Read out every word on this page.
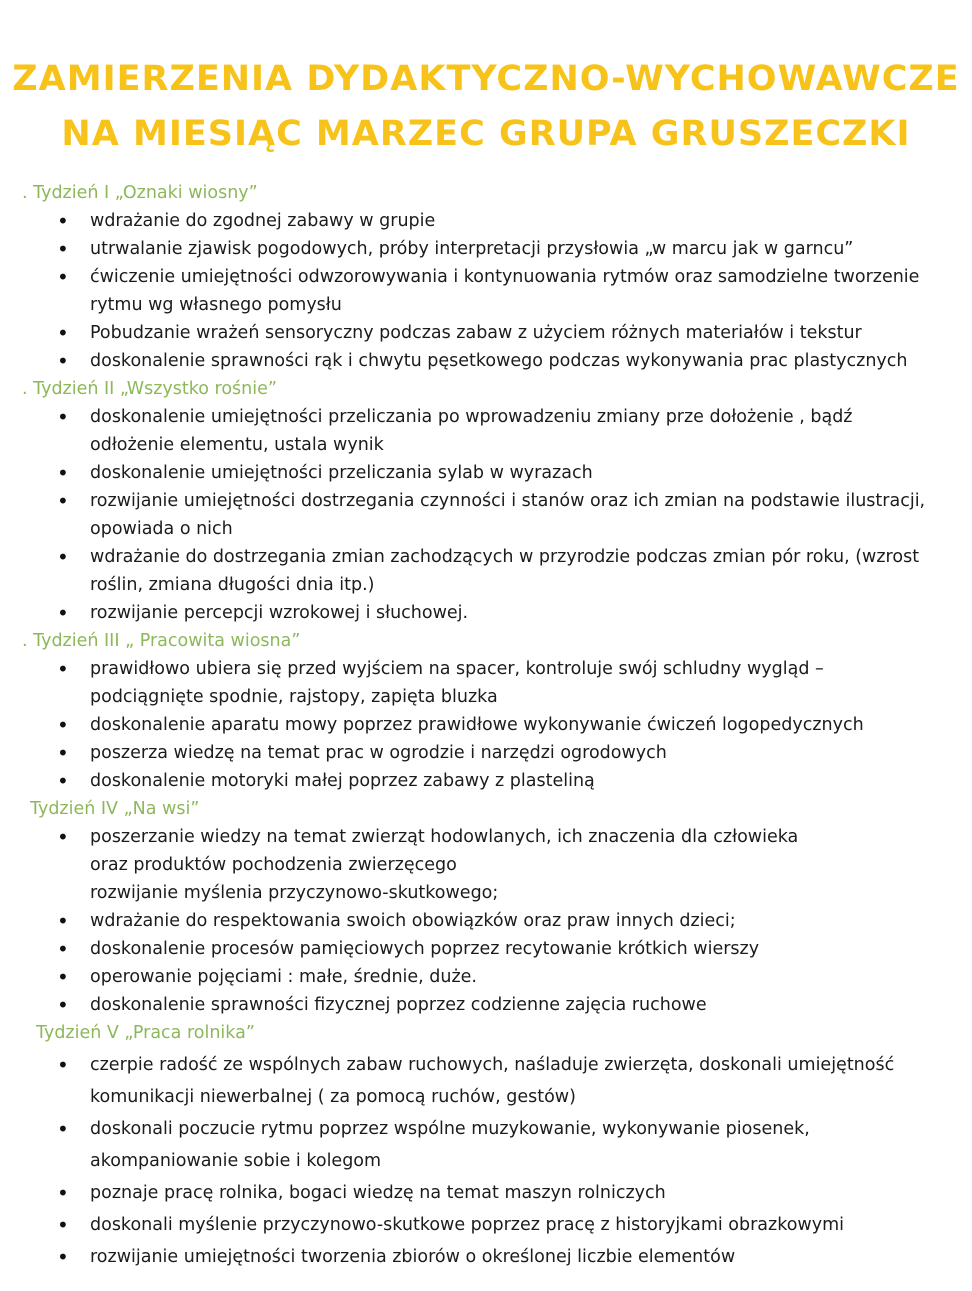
ZAMIERZENIA DYDAKTYCZNO-WYCHOWAWCZE
NA MIESIĄC MARZEC GRUPA GRUSZECZKI
. Tydzień I „Oznaki wiosny”
• wdrażanie do zgodnej zabawy w grupie
• utrwalanie zjawisk pogodowych, próby interpretacji przysłowia „w marcu jak w garncu”
• ćwiczenie umiejętności odwzorowywania i kontynuowania rytmów oraz samodzielne tworzenie rytmu wg własnego pomysłu
• Pobudzanie wrażeń sensoryczny podczas zabaw z użyciem różnych materiałów i tekstur
• doskonalenie sprawności rąk i chwytu pęsetkowego podczas wykonywania prac plastycznych
. Tydzień II „Wszystko rośnie”
• doskonalenie umiejętności przeliczania po wprowadzeniu zmiany prze dołożenie , bądź odłożenie elementu, ustala wynik
• doskonalenie umiejętności przeliczania sylab w wyrazach
• rozwijanie umiejętności dostrzegania czynności i stanów oraz ich zmian na podstawie ilustracji, opowiada o nich
• wdrażanie do dostrzegania zmian zachodzących w przyrodzie podczas zmian pór roku, (wzrost roślin, zmiana długości dnia itp.)
• rozwijanie percepcji wzrokowej i słuchowej.
. Tydzień III „ Pracowita wiosna”
• prawidłowo ubiera się przed wyjściem na spacer, kontroluje swój schludny wygląd – podciągnięte spodnie, rajstopy, zapięta bluzka
• doskonalenie aparatu mowy poprzez prawidłowe wykonywanie ćwiczeń logopedycznych
• poszerza wiedzę na temat prac w ogrodzie i narzędzi ogrodowych
• doskonalenie motoryki małej poprzez zabawy z plasteliną
Tydzień IV „Na wsi”
• poszerzanie wiedzy na temat zwierząt hodowlanych, ich znaczenia dla człowieka
oraz produktów pochodzenia zwierzęcego
rozwijanie myślenia przyczynowo-skutkowego;
• wdrażanie do respektowania swoich obowiązków oraz praw innych dzieci;
• doskonalenie procesów pamięciowych poprzez recytowanie krótkich wierszy
• operowanie pojęciami : małe, średnie, duże.
• doskonalenie sprawności fizycznej poprzez codzienne zajęcia ruchowe
Tydzień V „Praca rolnika”
• czerpie radość ze wspólnych zabaw ruchowych, naśladuje zwierzęta, doskonali umiejętność komunikacji niewerbalnej ( za pomocą ruchów, gestów)
• doskonali poczucie rytmu poprzez wspólne muzykowanie, wykonywanie piosenek, akompaniowanie sobie i kolegom
• poznaje pracę rolnika, bogaci wiedzę na temat maszyn rolniczych
• doskonali myślenie przyczynowo-skutkowe poprzez pracę z historyjkami obrazkowymi
• rozwijanie umiejętności tworzenia zbiorów o określonej liczbie elementów
